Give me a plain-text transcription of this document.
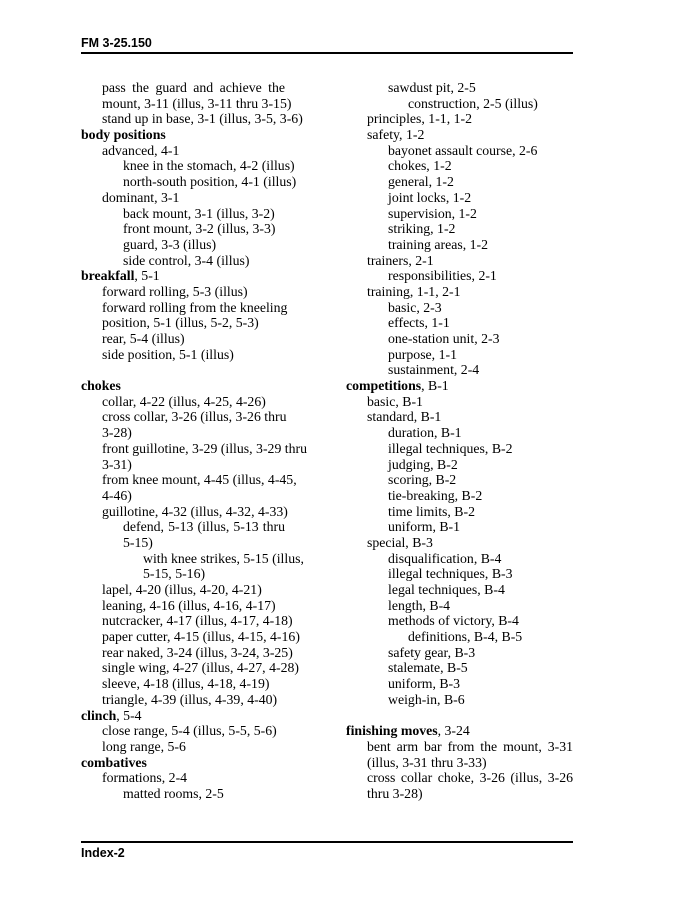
FM 3-25.150
pass the guard and achieve the
mount, 3-11 (illus, 3-11 thru 3-15)
stand up in base, 3-1 (illus, 3-5, 3-6)
body positions
advanced, 4-1
knee in the stomach, 4-2 (illus)
north-south position, 4-1 (illus)
dominant, 3-1
back mount, 3-1 (illus, 3-2)
front mount, 3-2 (illus, 3-3)
guard, 3-3 (illus)
side control, 3-4 (illus)
breakfall, 5-1
forward rolling, 5-3 (illus)
forward rolling from the kneeling
position, 5-1 (illus, 5-2, 5-3)
rear, 5-4 (illus)
side position, 5-1 (illus)
chokes
collar, 4-22 (illus, 4-25, 4-26)
cross collar, 3-26 (illus, 3-26 thru
3-28)
front guillotine, 3-29 (illus, 3-29 thru
3-31)
from knee mount, 4-45 (illus, 4-45,
4-46)
guillotine, 4-32 (illus, 4-32, 4-33)
defend, 5-13 (illus, 5-13 thru
5-15)
with knee strikes, 5-15 (illus,
5-15, 5-16)
lapel, 4-20 (illus, 4-20, 4-21)
leaning, 4-16 (illus, 4-16, 4-17)
nutcracker, 4-17 (illus, 4-17, 4-18)
paper cutter, 4-15 (illus, 4-15, 4-16)
rear naked, 3-24 (illus, 3-24, 3-25)
single wing, 4-27 (illus, 4-27, 4-28)
sleeve, 4-18 (illus, 4-18, 4-19)
triangle, 4-39 (illus, 4-39, 4-40)
clinch, 5-4
close range, 5-4 (illus, 5-5, 5-6)
long range, 5-6
combatives
formations, 2-4
matted rooms, 2-5
sawdust pit, 2-5
construction, 2-5 (illus)
principles, 1-1, 1-2
safety, 1-2
bayonet assault course, 2-6
chokes, 1-2
general, 1-2
joint locks, 1-2
supervision, 1-2
striking, 1-2
training areas, 1-2
trainers, 2-1
responsibilities, 2-1
training, 1-1, 2-1
basic, 2-3
effects, 1-1
one-station unit, 2-3
purpose, 1-1
sustainment, 2-4
competitions, B-1
basic, B-1
standard, B-1
duration, B-1
illegal techniques, B-2
judging, B-2
scoring, B-2
tie-breaking, B-2
time limits, B-2
uniform, B-1
special, B-3
disqualification, B-4
illegal techniques, B-3
legal techniques, B-4
length, B-4
methods of victory, B-4
definitions, B-4, B-5
safety gear, B-3
stalemate, B-5
uniform, B-3
weigh-in, B-6
finishing moves, 3-24
bent arm bar from the mount, 3-31
(illus, 3-31 thru 3-33)
cross collar choke, 3-26 (illus, 3-26
thru 3-28)
Index-2
